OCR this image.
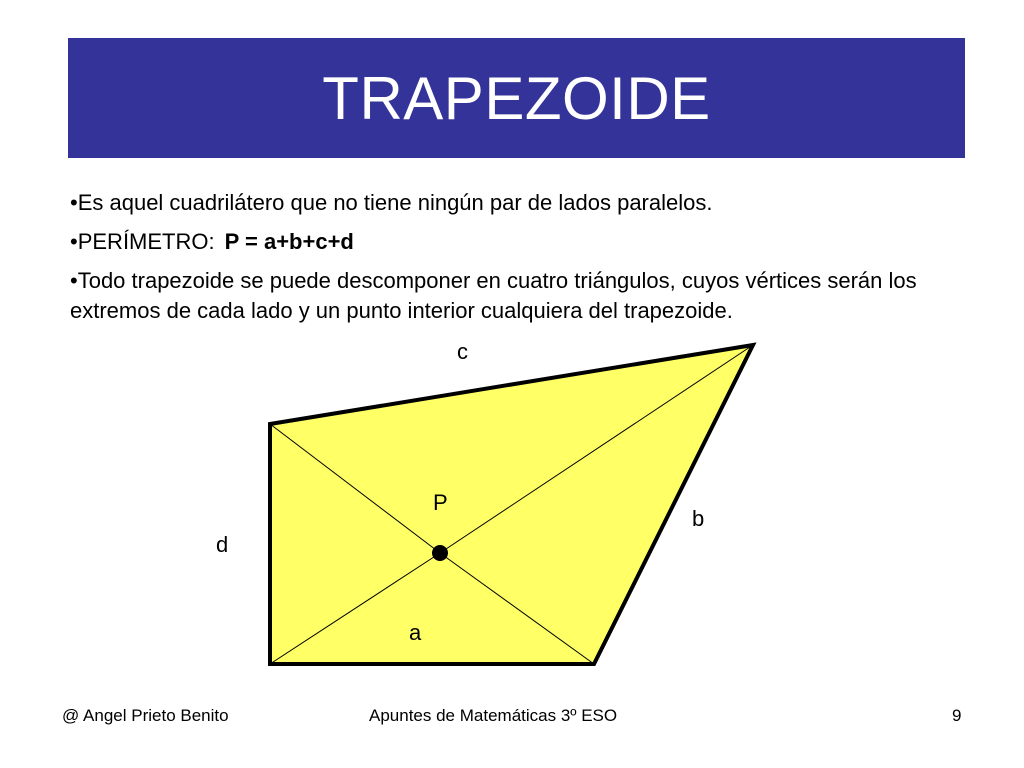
TRAPEZOIDE
•Es aquel cuadrilátero que no tiene ningún par de lados paralelos.
•PERÍMETRO: P = a+b+c+d
•Todo trapezoide se puede descomponer en cuatro triángulos, cuyos vértices serán los extremos de cada lado y un punto interior cualquiera del trapezoide.
c
P
b
d
a
@ Angel Prieto Benito	Apuntes de Matemáticas 3º ESO	9
